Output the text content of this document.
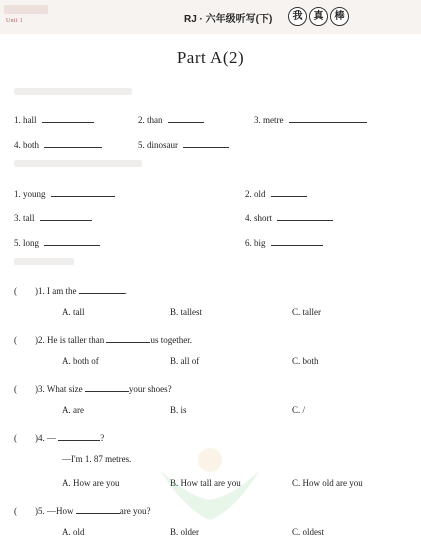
Unit 1	RJ · 六年级听写(下)	我	真	棒
Part A(2)
1. hall	2. than	3. metre
4. both	5. dinosaur
1. young	2. old
3. tall	4. short
5. long	6. big
( )1. I am the	.
A. tall	B. tallest	C. taller
( )2. He is taller than	us together.
A. both of	B. all of	C. both
( )3. What size	your shoes?
A. are	B. is	C. /
( )4. —	?
—I'm 1. 87 metres.
A. How are you	B. How tall are you	C. How old are you
( )5. —How	are you?
A. old	B. older	C. oldest
